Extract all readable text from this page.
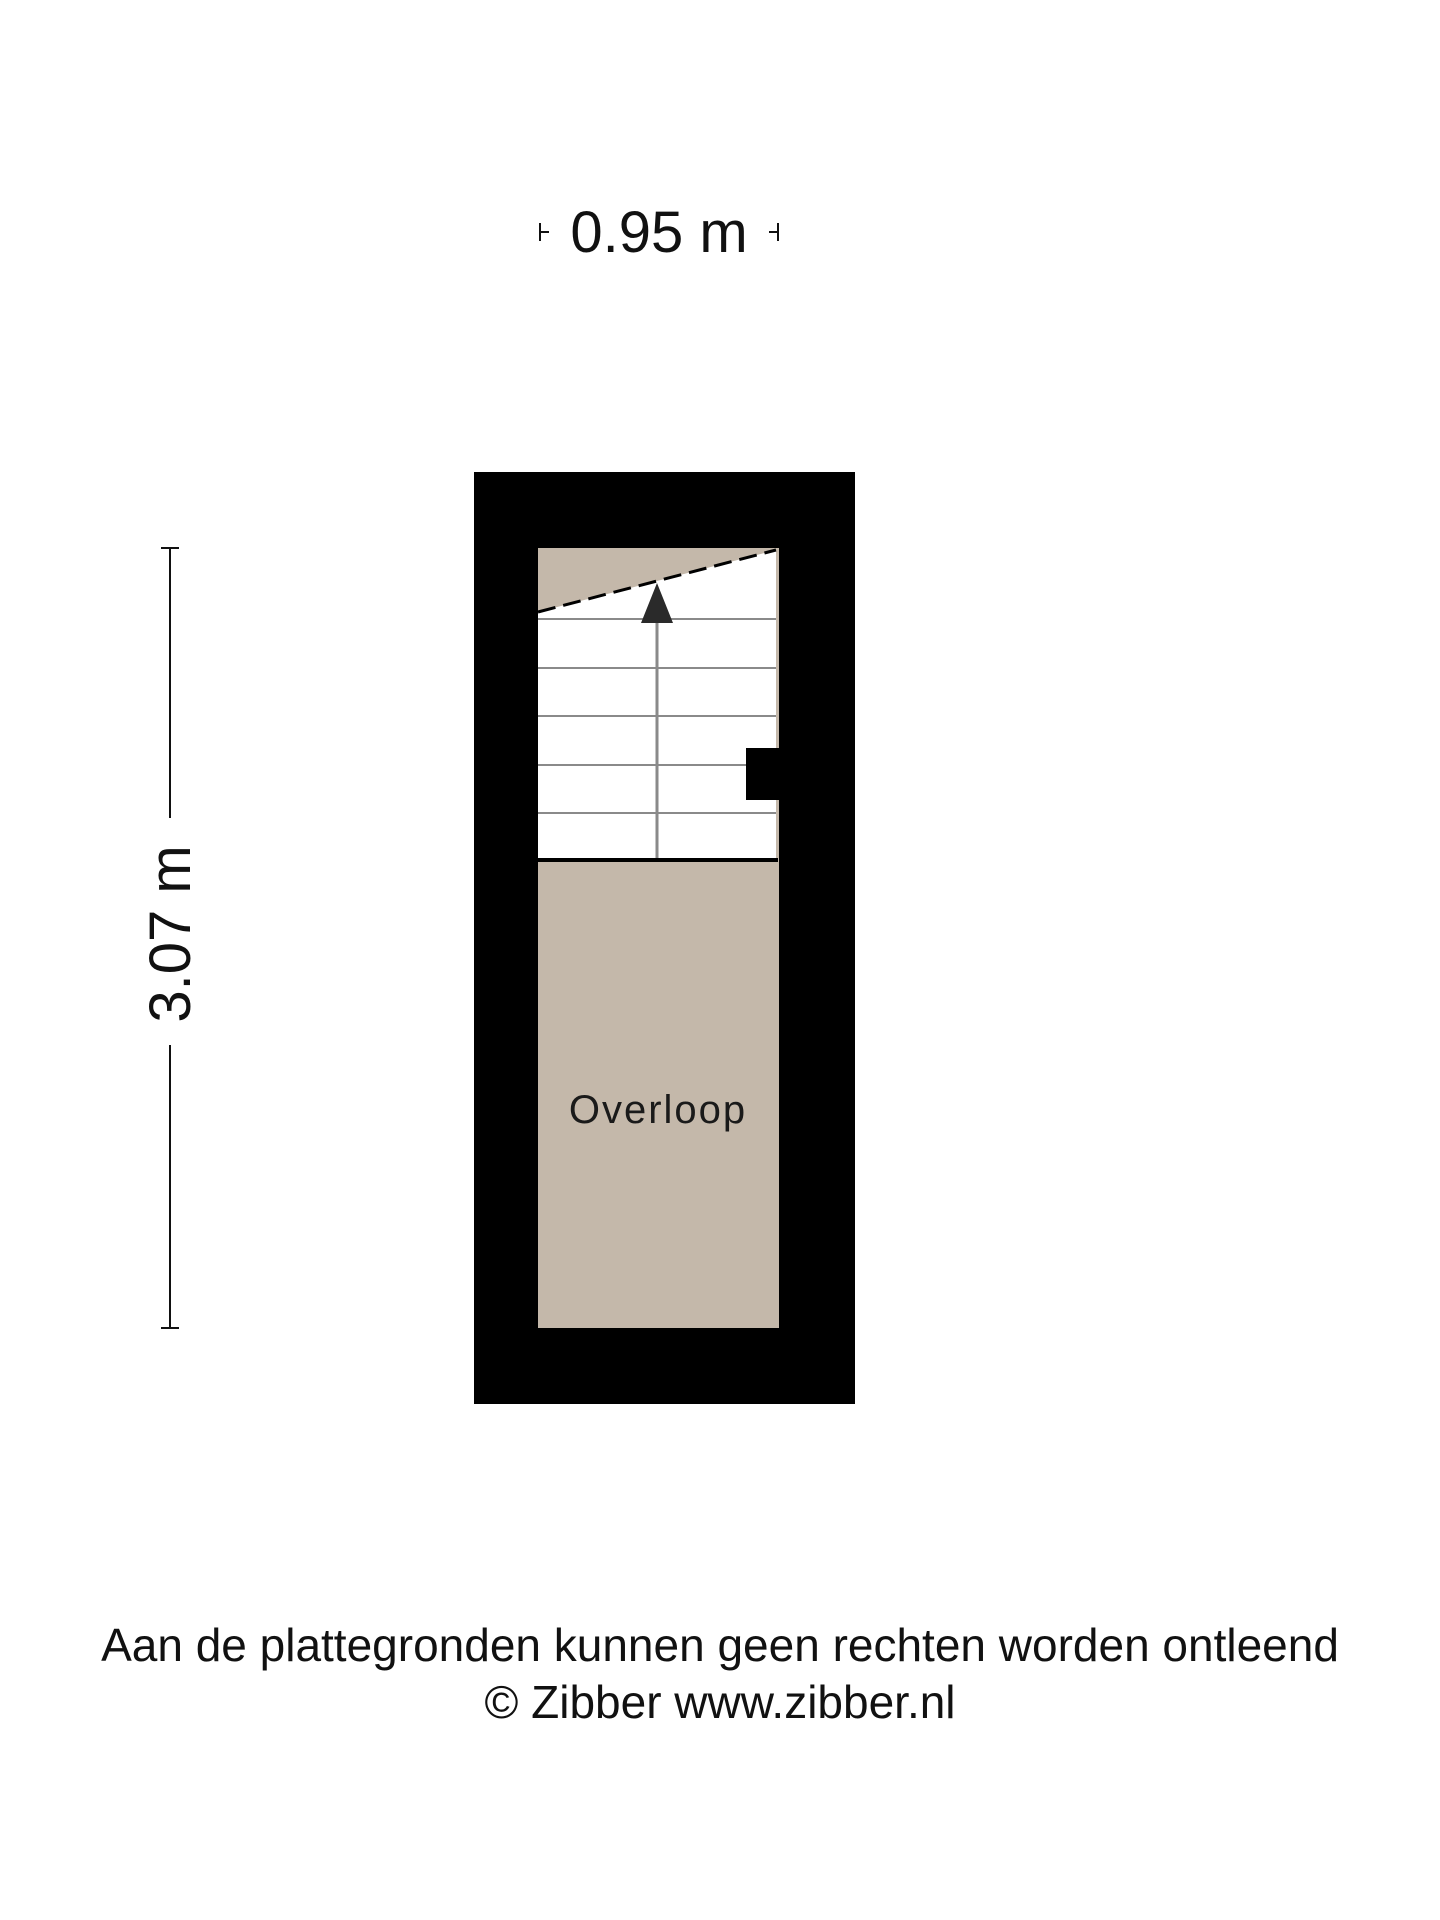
0.95 m
3.07 m
Overloop
Aan de plattegronden kunnen geen rechten worden ontleend
© Zibber www.zibber.nl
